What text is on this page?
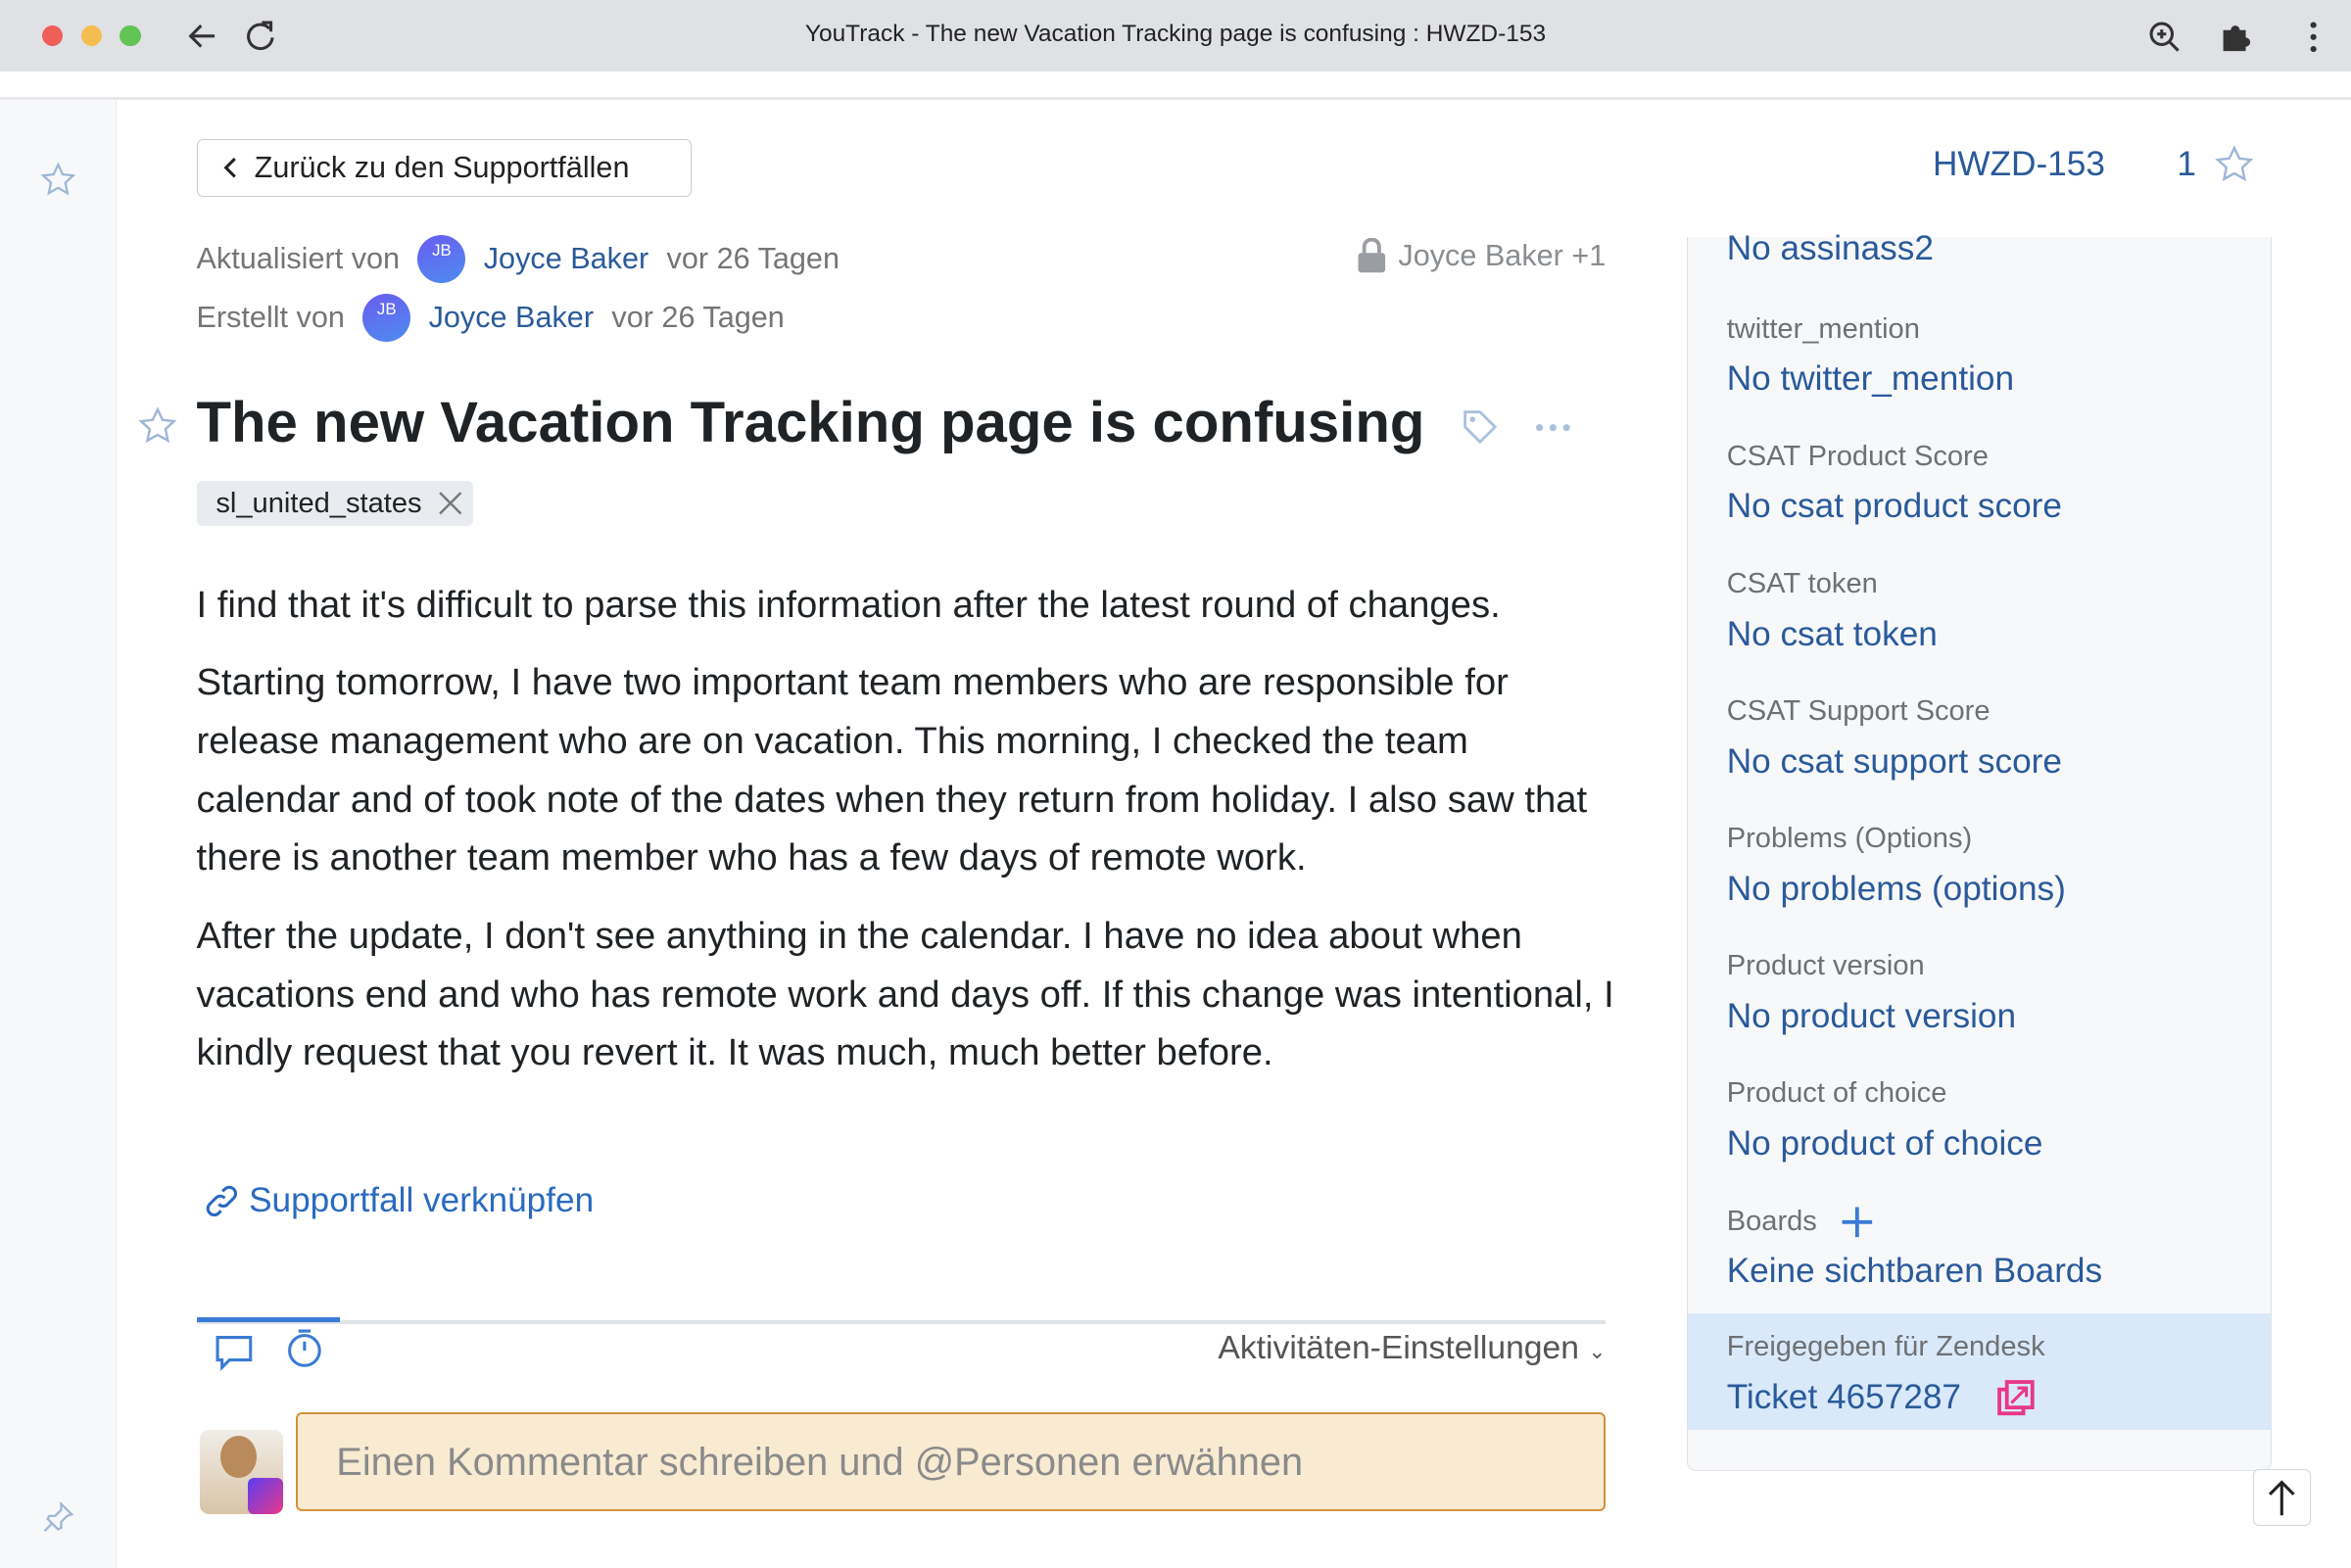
YouTrack - The new Vacation Tracking page is confusing : HWZD-153
Zurück zu den Supportfällen	HWZD-153	1
Aktualisiert von	JB	Joyce Baker vor 26 Tagen
Erstellt von	JB	Joyce Baker vor 26 Tagen
Joyce Baker +1
The new Vacation Tracking page is confusing
sl_united_states

I find that it's difficult to parse this information after the latest round of changes.

Starting tomorrow, I have two important team members who are responsible for release management who are on vacation. This morning, I checked the team calendar and of took note of the dates when they return from holiday. I also saw that there is another team member who has a few days of remote work.

After the update, I don't see anything in the calendar. I have no idea about when vacations end and who has remote work and days off. If this change was intentional, I kindly request that you revert it. It was much, much better before.

Supportfall verknüpfen
Aktivitäten-Einstellungen ⌄
Einen Kommentar schreiben und @Personen erwähnen
No assinass2
twitter_mention
No twitter_mention
CSAT Product Score
No csat product score
CSAT token
No csat token
CSAT Support Score
No csat support score
Problems (Options)
No problems (options)
Product version
No product version
Product of choice
No product of choice
Boards
Keine sichtbaren Boards
Freigegeben für Zendesk
Ticket 4657287
